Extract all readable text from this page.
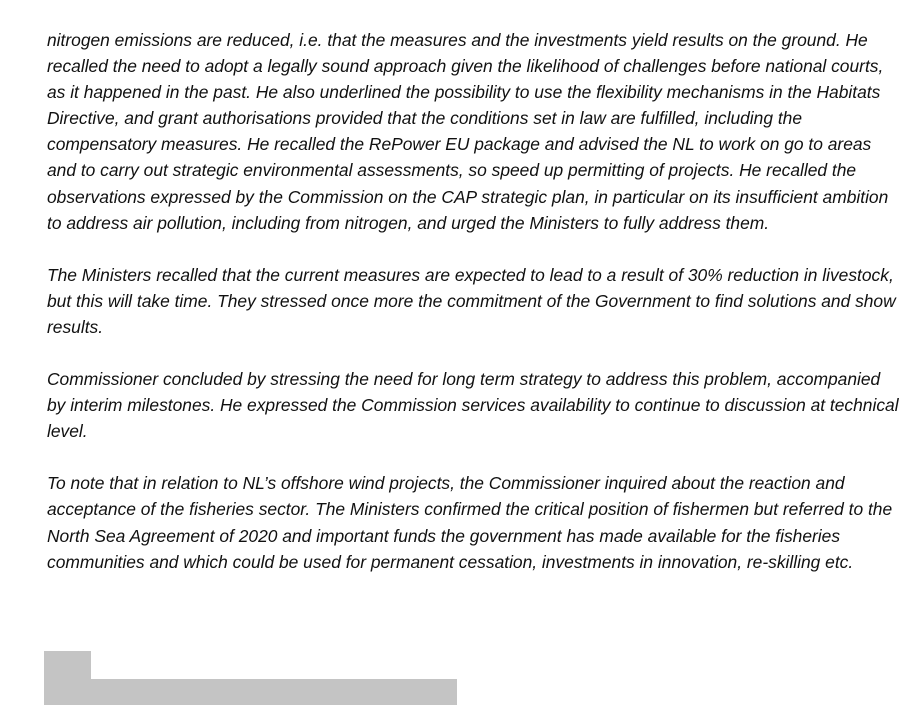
nitrogen emissions are reduced, i.e. that the measures and the investments yield results on the ground. He recalled the need to adopt a legally sound approach given the likelihood of challenges before national courts, as it happened in the past. He also underlined the possibility to use the flexibility mechanisms in the Habitats Directive, and grant authorisations provided that the conditions set in law are fulfilled, including the compensatory measures. He recalled the RePower EU package and advised the NL to work on go to areas and to carry out strategic environmental assessments, so speed up permitting of projects. He recalled the observations expressed by the Commission on the CAP strategic plan, in particular on its insufficient ambition to address air pollution, including from nitrogen, and urged the Ministers to fully address them.

The Ministers recalled that the current measures are expected to lead to a result of 30% reduction in livestock, but this will take time. They stressed once more the commitment of the Government to find solutions and show results.

Commissioner concluded by stressing the need for long term strategy to address this problem, accompanied by interim milestones. He expressed the Commission services availability to continue to discussion at technical level.

To note that in relation to NL’s offshore wind projects, the Commissioner inquired about the reaction and acceptance of the fisheries sector. The Ministers confirmed the critical position of fishermen but referred to the North Sea Agreement of 2020 and important funds the government has made available for the fisheries communities and which could be used for permanent cessation, investments in innovation, re-skilling etc.
